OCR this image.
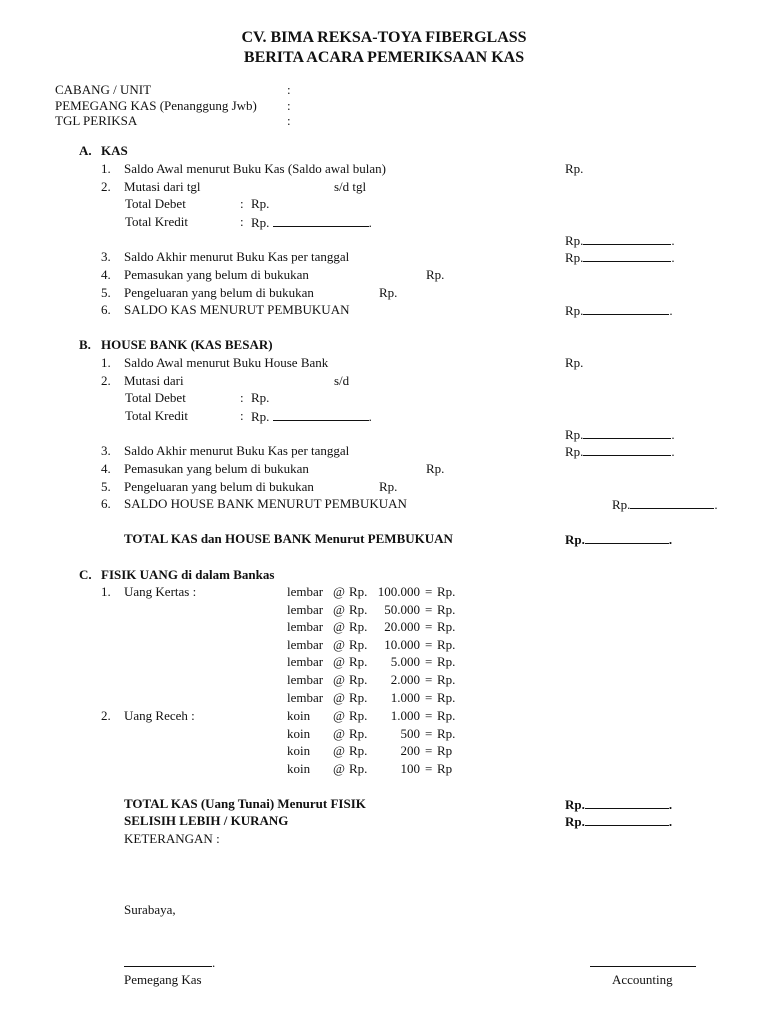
CV. BIMA REKSA-TOYA FIBERGLASS
BERITA ACARA PEMERIKSAAN KAS
CABANG / UNIT	:
PEMEGANG KAS (Penanggung Jwb) :
TGL PERIKSA	:
A. KAS
1. Saldo Awal menurut Buku Kas (Saldo awal bulan)	Rp.
2. Mutasi dari tgl	s/d tgl
Total Debet	: Rp.
Total Kredit	: Rp.	.
Rp.	.
3. Saldo Akhir menurut Buku Kas per tanggal	Rp.	.
4. Pemasukan yang belum di bukukan	Rp.
5. Pengeluaran yang belum di bukukan	Rp.
6. SALDO KAS MENURUT PEMBUKUAN	Rp.	.
B. HOUSE BANK (KAS BESAR)
1. Saldo Awal menurut Buku House Bank	Rp.
2. Mutasi dari	s/d
Total Debet	: Rp.
Total Kredit	: Rp.	.
Rp.	.
3. Saldo Akhir menurut Buku Kas per tanggal	Rp.	.
4. Pemasukan yang belum di bukukan	Rp.
5. Pengeluaran yang belum di bukukan	Rp.
6. SALDO HOUSE BANK MENURUT PEMBUKUAN	Rp.	.
TOTAL KAS dan HOUSE BANK Menurut PEMBUKUAN	Rp.	.
C. FISIK UANG di dalam Bankas
1. Uang Kertas :	lembar @ Rp. 100.000 = Rp.
lembar @ Rp.	50.000 = Rp.
lembar @ Rp.	20.000 = Rp.
lembar @ Rp.	10.000 = Rp.
lembar @ Rp.	5.000 = Rp.
lembar @ Rp.	2.000 = Rp.
lembar @ Rp.	1.000 = Rp.
2. Uang Receh :	koin @ Rp.	1.000 = Rp.
koin @ Rp.	500 = Rp.
koin @ Rp.	200 = Rp
koin @ Rp.	100 = Rp
TOTAL KAS (Uang Tunai) Menurut FISIK	Rp.	.
SELISIH LEBIH / KURANG	Rp.	.
KETERANGAN :
Surabaya,
.
Pemegang Kas	Accounting
